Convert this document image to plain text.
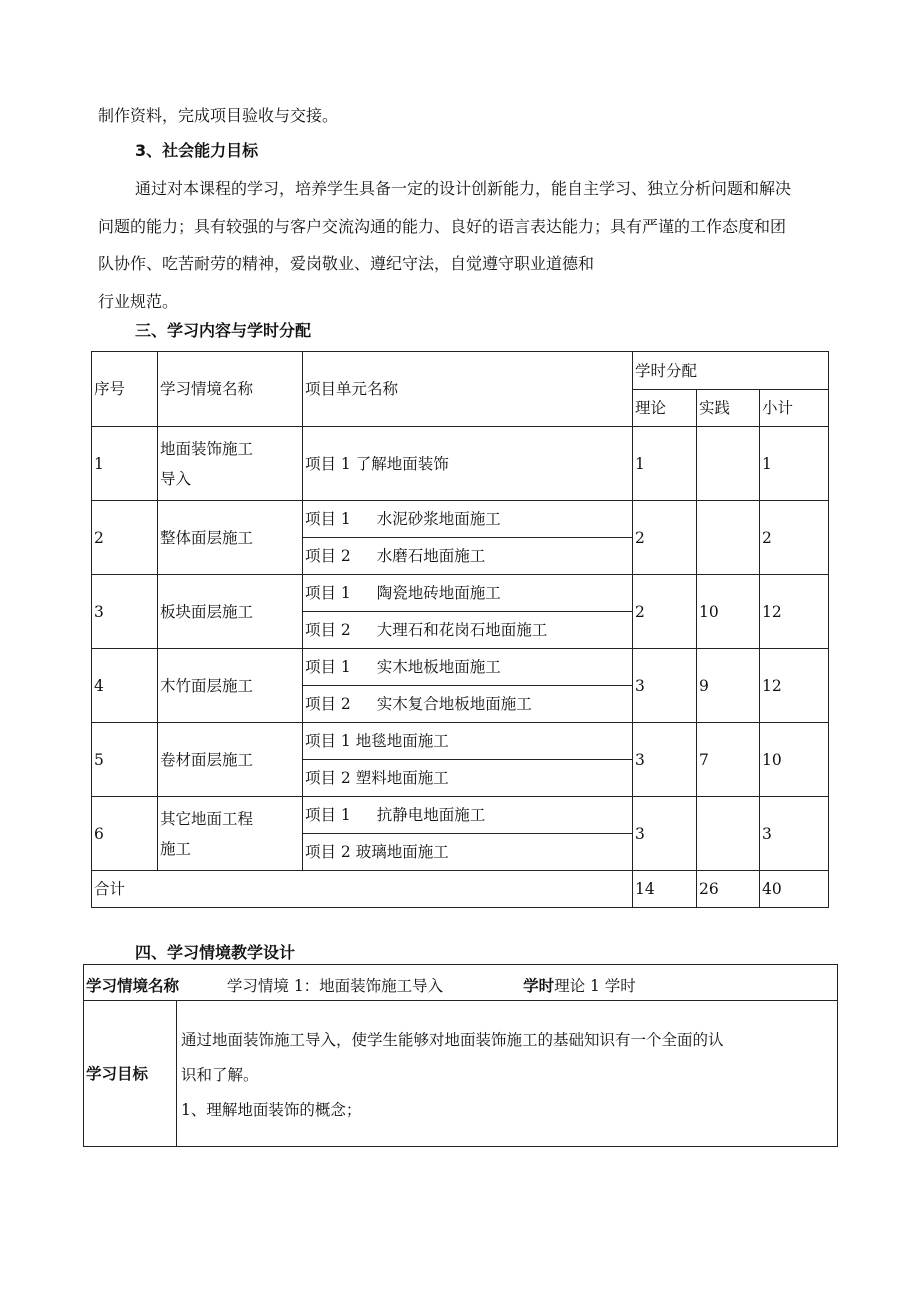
制作资料，完成项目验收与交接。
3、社会能力目标
通过对本课程的学习，培养学生具备一定的设计创新能力，能自主学习、独立分析问题和解决
问题的能力；具有较强的与客户交流沟通的能力、良好的语言表达能力；具有严谨的工作态度和团
队协作、吃苦耐劳的精神，爱岗敬业、遵纪守法，自觉遵守职业道德和
行业规范。
三、学习内容与学时分配
序号	学习情境名称	项目单元名称	学时分配		
			理论	实践	小计
1	地面装饰施工
导入	项目 1 了解地面装饰	1		1
2	整体面层施工	项目 1 水泥砂浆地面施工	2		2
		项目 2 水磨石地面施工			
3	板块面层施工	项目 1 陶瓷地砖地面施工	2	10	12
		项目 2 大理石和花岗石地面施工			
4	木竹面层施工	项目 1 实木地板地面施工	3	9	12
		项目 2 实木复合地板地面施工			
5	卷材面层施工	项目 1 地毯地面施工	3	7	10
		项目 2 塑料地面施工			
6	其它地面工程
施工	项目 1 抗静电地面施工	3		3
		项目 2 玻璃地面施工			
合计			14	26	40
四、学习情境教学设计
学习情境名称	学习情境 1：地面装饰施工导入	学时理论 1 学时
学习目标	
通过地面装饰施工导入，使学生能够对地面装饰施工的基础知识有一个全面的认
识和了解。
1、理解地面装饰的概念；
